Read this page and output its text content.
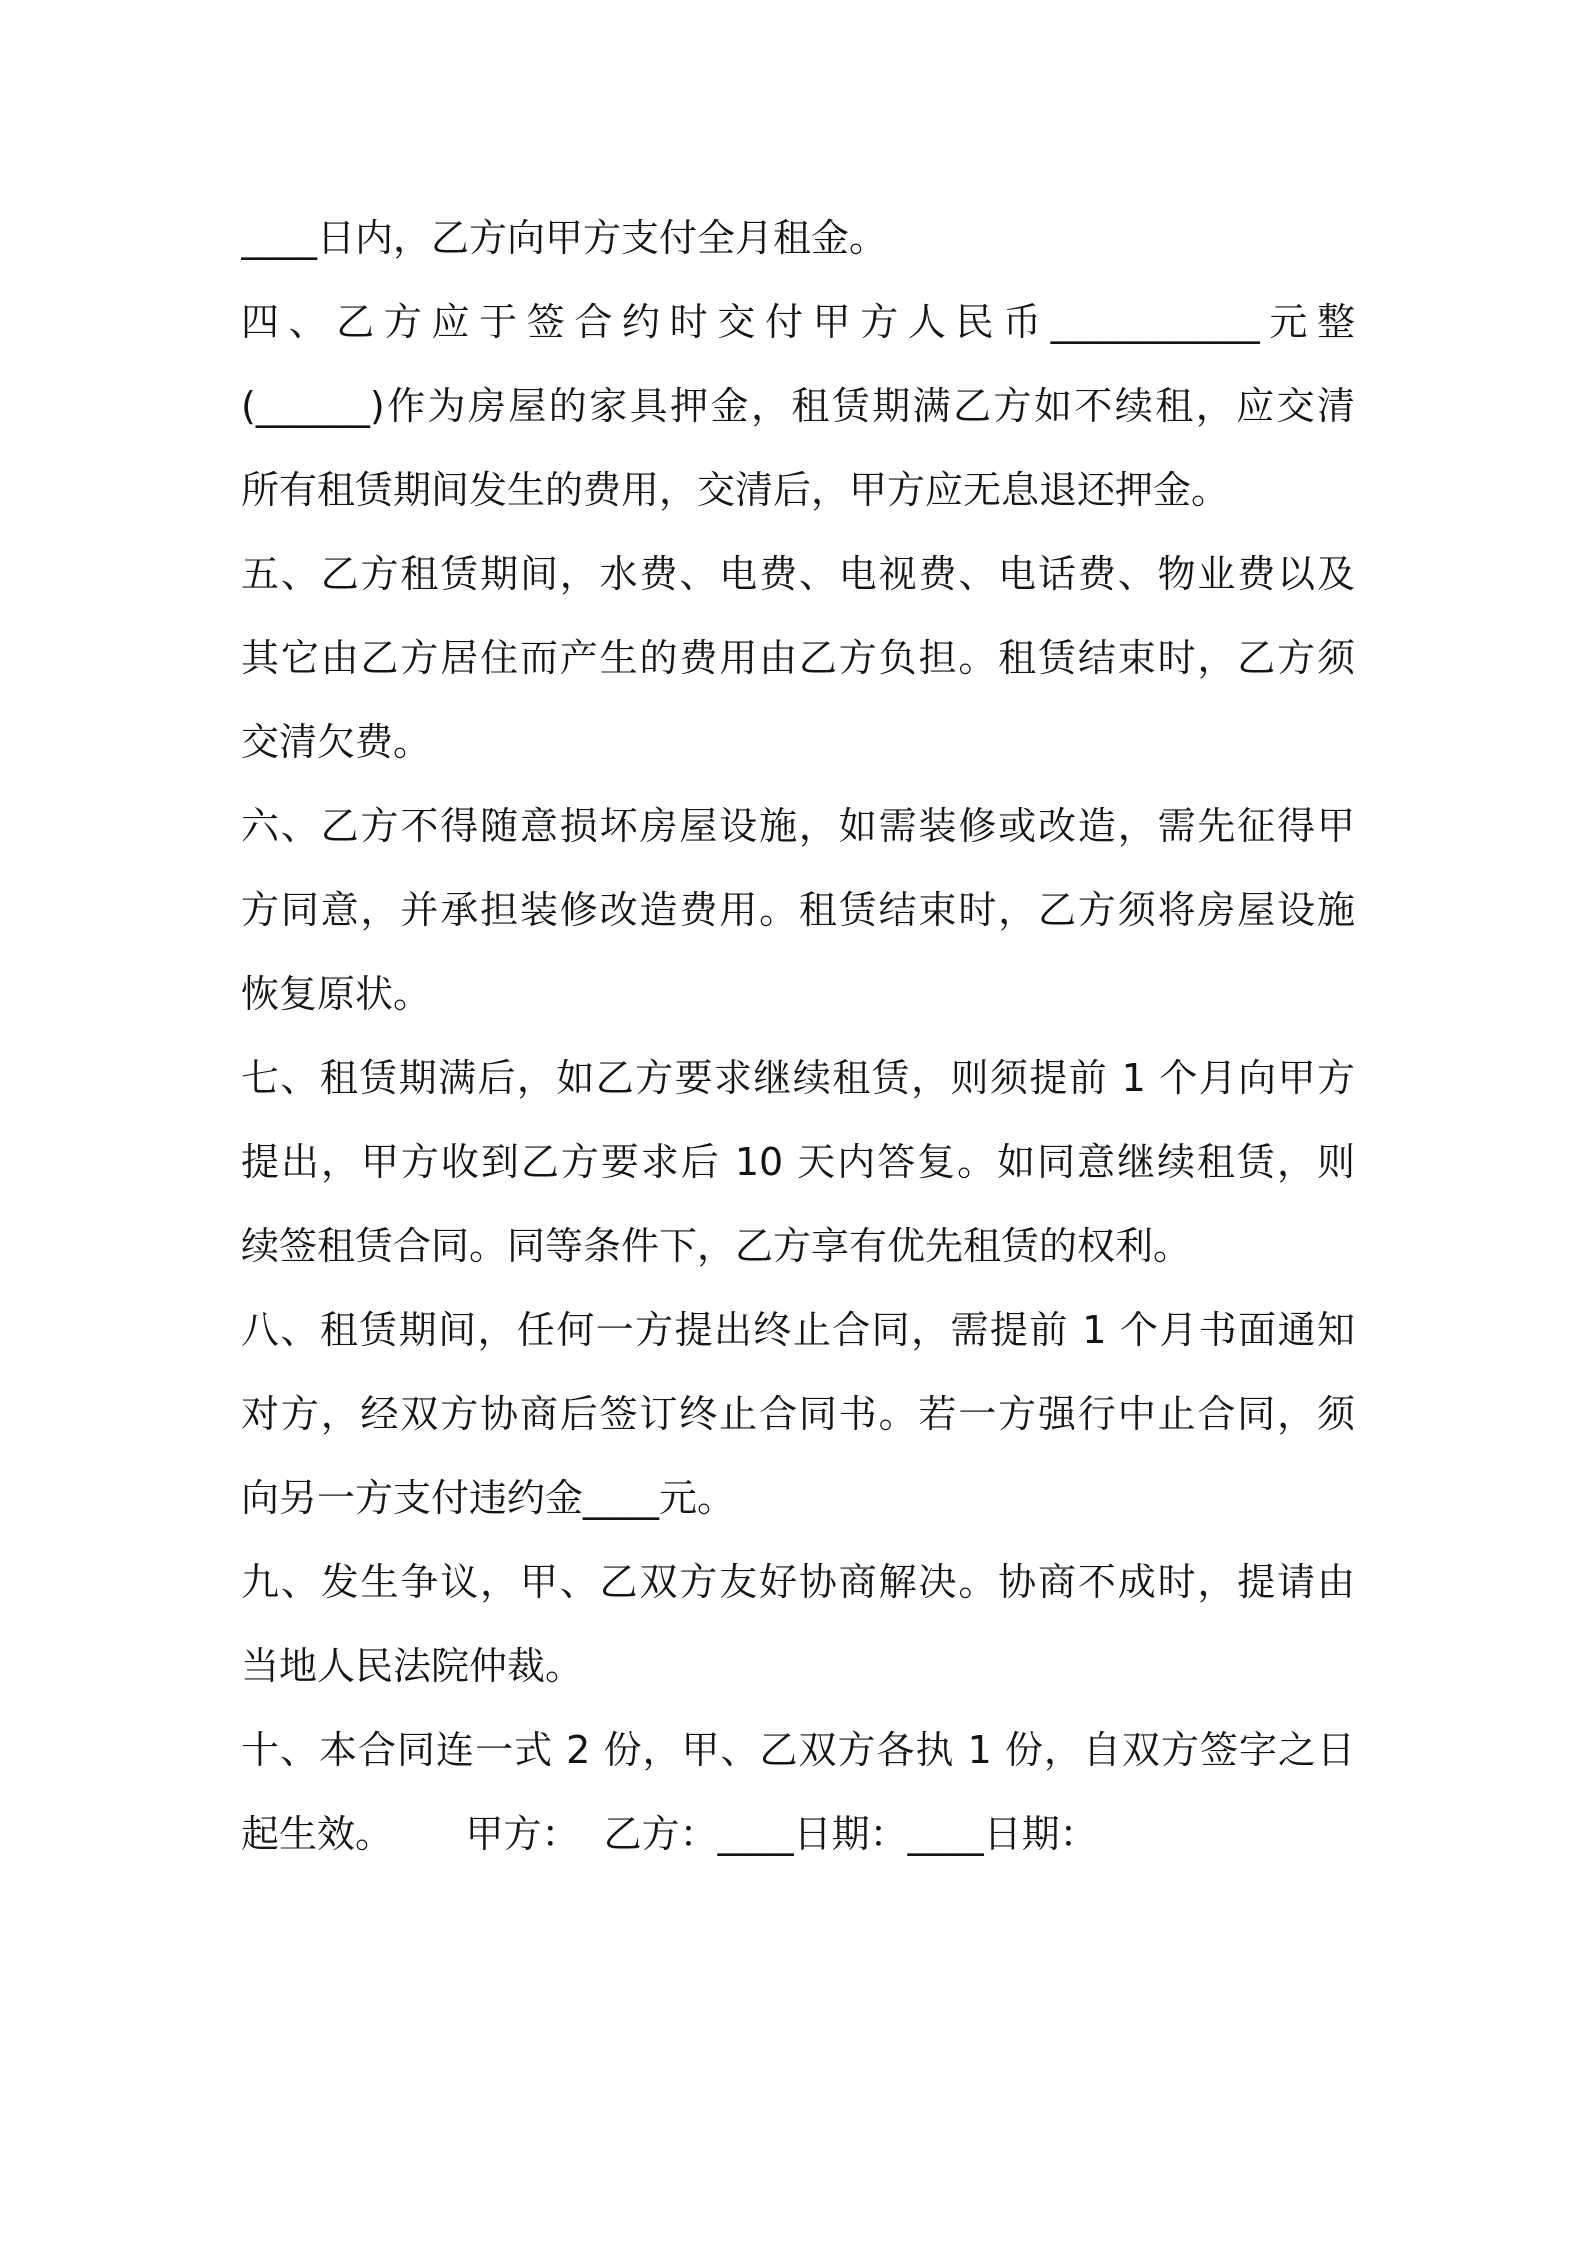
____日内，乙方向甲方支付全月租金。
四、乙方应于签合约时交付甲方人民币___________元整
(______)作为房屋的家具押金，租赁期满乙方如不续租，应交清
所有租赁期间发生的费用，交清后，甲方应无息退还押金。
五、乙方租赁期间，水费、电费、电视费、电话费、物业费以及
其它由乙方居住而产生的费用由乙方负担。租赁结束时，乙方须
交清欠费。
六、乙方不得随意损坏房屋设施，如需装修或改造，需先征得甲
方同意，并承担装修改造费用。租赁结束时，乙方须将房屋设施
恢复原状。
七、租赁期满后，如乙方要求继续租赁，则须提前 1 个月向甲方
提出，甲方收到乙方要求后 10 天内答复。如同意继续租赁，则
续签租赁合同。同等条件下，乙方享有优先租赁的权利。
八、租赁期间，任何一方提出终止合同，需提前 1 个月书面通知
对方，经双方协商后签订终止合同书。若一方强行中止合同，须
向另一方支付违约金____元。
九、发生争议，甲、乙双方友好协商解决。协商不成时，提请由
当地人民法院仲裁。
十、本合同连一式 2 份，甲、乙双方各执 1 份，自双方签字之日
起生效。      甲方：  乙方：____日期：____日期：
